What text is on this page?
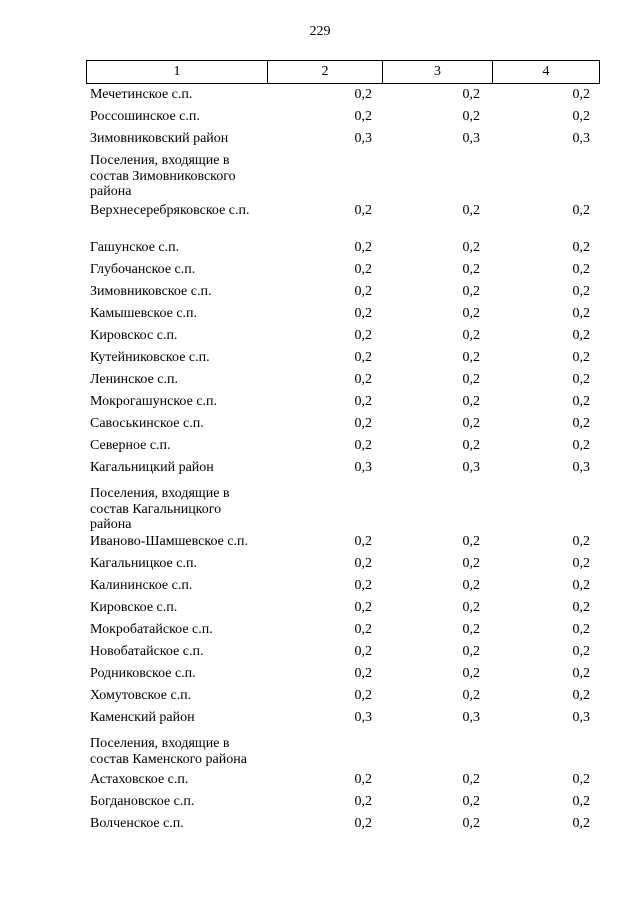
229
1	2	3	4
Мечетинское с.п.	0,2	0,2	0,2
Россошинское с.п.	0,2	0,2	0,2
Зимовниковский район	0,3	0,3	0,3
Поселения, входящие в состав Зимовниковского района
Верхнесеребряковское с.п.	0,2	0,2	0,2
Гашунское с.п.	0,2	0,2	0,2
Глубочанское с.п.	0,2	0,2	0,2
Зимовниковское с.п.	0,2	0,2	0,2
Камышевское с.п.	0,2	0,2	0,2
Кировскос с.п.	0,2	0,2	0,2
Кутейниковское с.п.	0,2	0,2	0,2
Ленинское с.п.	0,2	0,2	0,2
Мокрогашунское с.п.	0,2	0,2	0,2
Савоськинское с.п.	0,2	0,2	0,2
Северное с.п.	0,2	0,2	0,2
Кагальницкий район	0,3	0,3	0,3
Поселения, входящие в состав Кагальницкого района
Иваново-Шамшевское с.п.	0,2	0,2	0,2
Кагальницкое с.п.	0,2	0,2	0,2
Калининское с.п.	0,2	0,2	0,2
Кировское с.п.	0,2	0,2	0,2
Мокробатайское с.п.	0,2	0,2	0,2
Новобатайское с.п.	0,2	0,2	0,2
Родниковское с.п.	0,2	0,2	0,2
Хомутовское с.п.	0,2	0,2	0,2
Каменский район	0,3	0,3	0,3
Поселения, входящие в состав Каменского района
Астаховское с.п.	0,2	0,2	0,2
Богдановское с.п.	0,2	0,2	0,2
Волченское с.п.	0,2	0,2	0,2
